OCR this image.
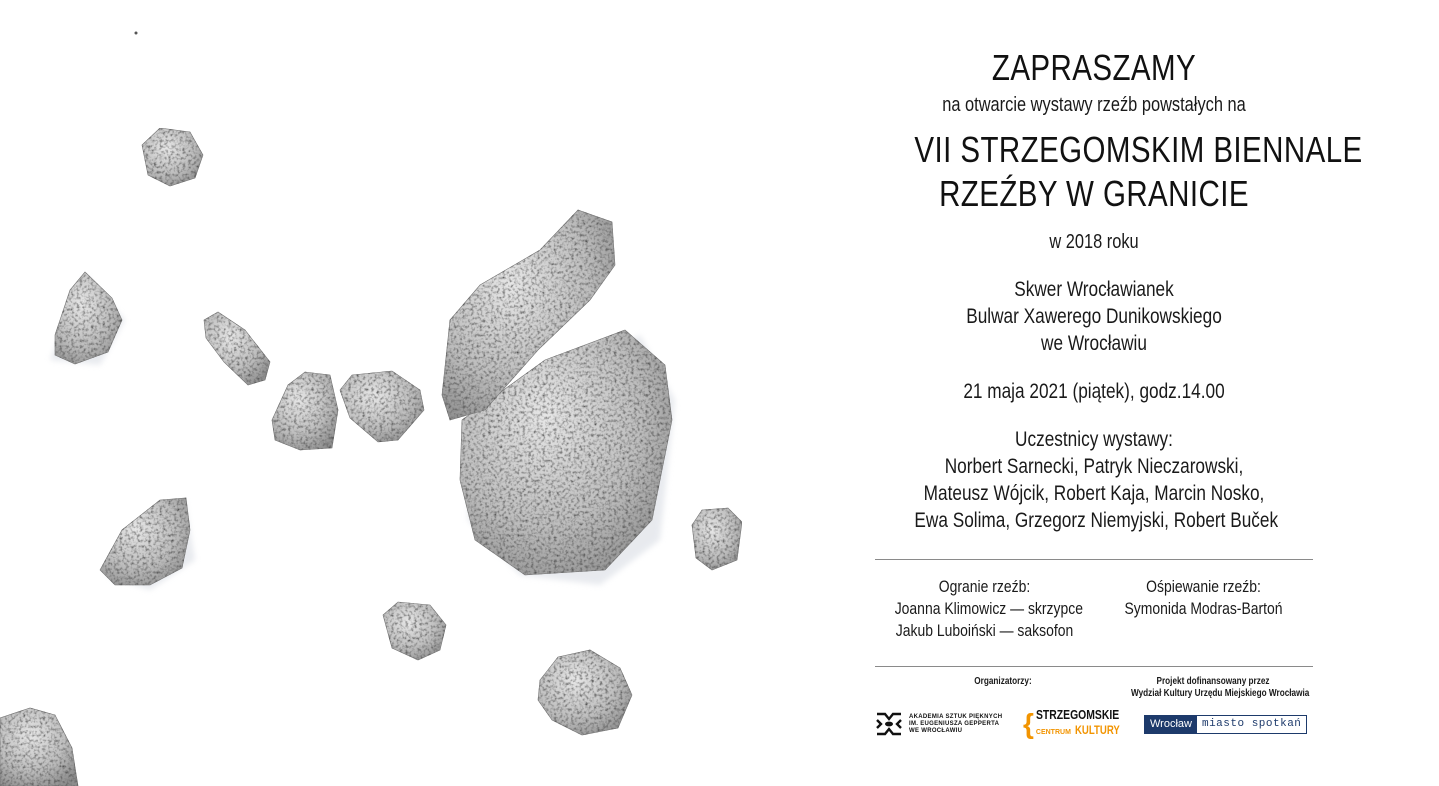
ZAPRASZAMY
na otwarcie wystawy rzeźb powstałych na
VII STRZEGOMSKIM BIENNALE
RZEŹBY W GRANICIE
w 2018 roku
Skwer Wrocławianek
Bulwar Xawerego Dunikowskiego
we Wrocławiu
21 maja 2021 (piątek), godz.14.00
Uczestnicy wystawy:
Norbert Sarnecki, Patryk Nieczarowski,
Mateusz Wójcik, Robert Kaja, Marcin Nosko,
Ewa Solima, Grzegorz Niemyjski, Robert Buček
Ogranie rzeźb:
Joanna Klimowicz — skrzypce
Jakub Luboiński — saksofon
Ośpiewanie rzeźb:
Symonida Modras-Bartoń
Organizatorzy:	Projekt dofinansowany przez
Wydział Kultury Urzędu Miejskiego Wrocławia
AKADEMIA SZTUK PIĘKNYCH
IM. EUGENIUSZA GEPPERTA
WE WROCŁAWIU	{ STRZEGOMSKIE
CENTRUM KULTURY	Wrocław miasto spotkań
